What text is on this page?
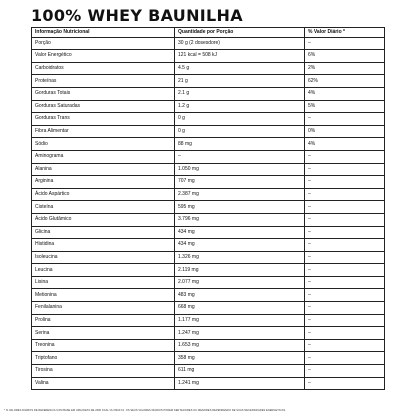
100% WHEY BAUNILHA
Informação Nutricional	Quantidade por Porção	% Valor Diário *
Porção	30 g (2 dosesdore)	–
Valor Energético	121 kcal = 508 kJ	6%
Carboidratos	4.5 g	2%
Proteínas	21 g	62%
Gorduras Totais	2.1 g	4%
Gorduras Saturadas	1.2 g	5%
Gorduras Trans	0 g	–
Fibra Alimentar	0 g	0%
Sódio	88 mg	4%
Aminograma	–	–
Alanina	1.050 mg	–
Arginina	707 mg	–
Ácido Aspártico	2.387 mg	–
Cisteína	595 mg	–
Ácido Glutâmico	3.796 mg	–
Glicina	434 mg	–
Histidina	434 mg	–
Isoleucina	1.326 mg	–
Leucina	2.119 mg	–
Lisina	2.077 mg	–
Metionina	483 mg	–
Fenilalanina	668 mg	–
Prolina	1.177 mg	–
Serina	1.247 mg	–
Treonina	1.653 mg	–
Triptofano	358 mg	–
Tirosina	611 mg	–
Valina	1.241 mg	–
* % VALORES DIÁRIOS DE REFERÊNCIA COM BASE EM UMA DIETA DE 2000 KCAL OU 8400 KJ. OS SEUS VALORES DIÁRIOS PODEM SER MAIORES OU MENORES DEPENDENDO DE SUAS NECESSIDADES ENERGÉTICAS.
